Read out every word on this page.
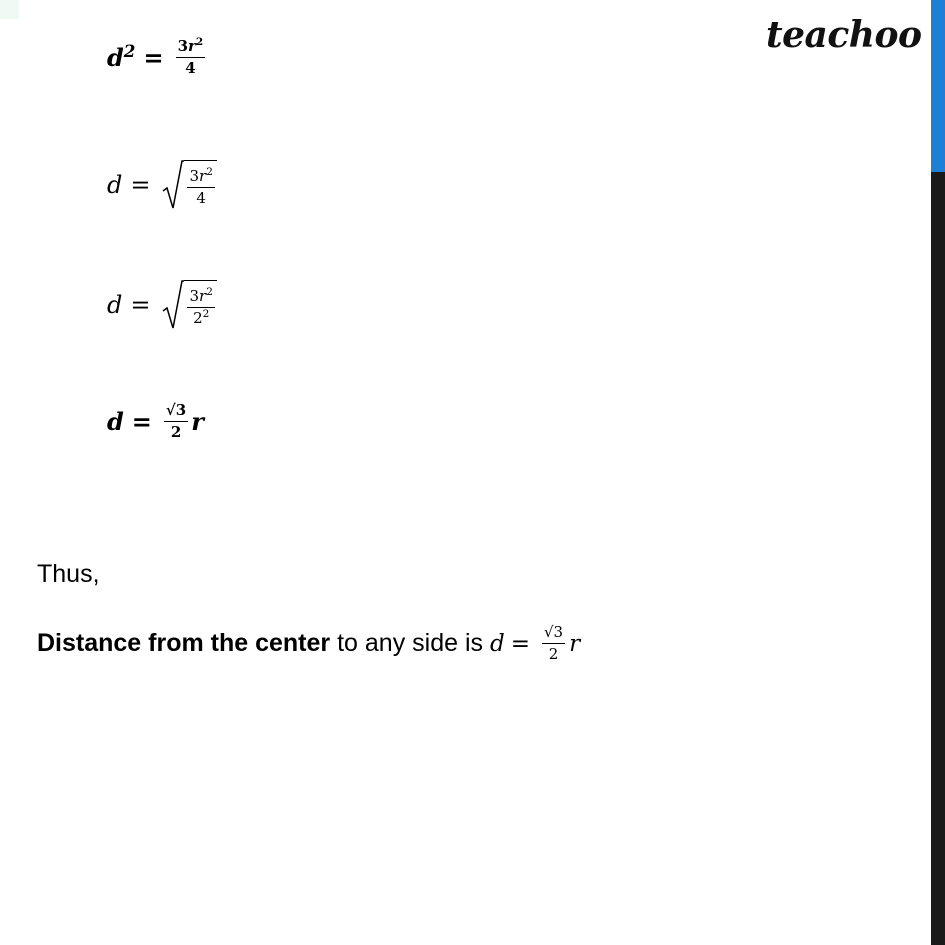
teachoo
$d^2 = \frac{3r^2}{4}$
$d = \frac{3r^2}{4}$
$d = \frac{3r^2}{2^2}$
$d = \frac{√3}{2}$ r
Thus,
Distance from the center to any side is $d = \frac{√3}{2}$ r
